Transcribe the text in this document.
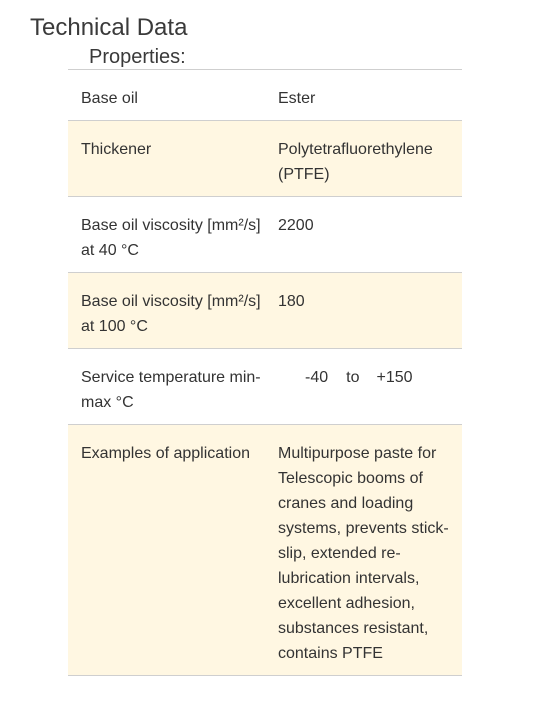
Technical Data
Properties:
Base oil	Ester
Thickener	Polytetrafluorethylene (PTFE)
Base oil viscosity [mm²/s] at 40 °C	2200
Base oil viscosity [mm²/s] at 100 °C	180
Service temperature min-max °C	-40 to +150
Examples of application	Multipurpose paste for Telescopic booms of cranes and loading systems, prevents stick-slip, extended re-lubrication intervals, excellent adhesion, substances resistant, contains PTFE
